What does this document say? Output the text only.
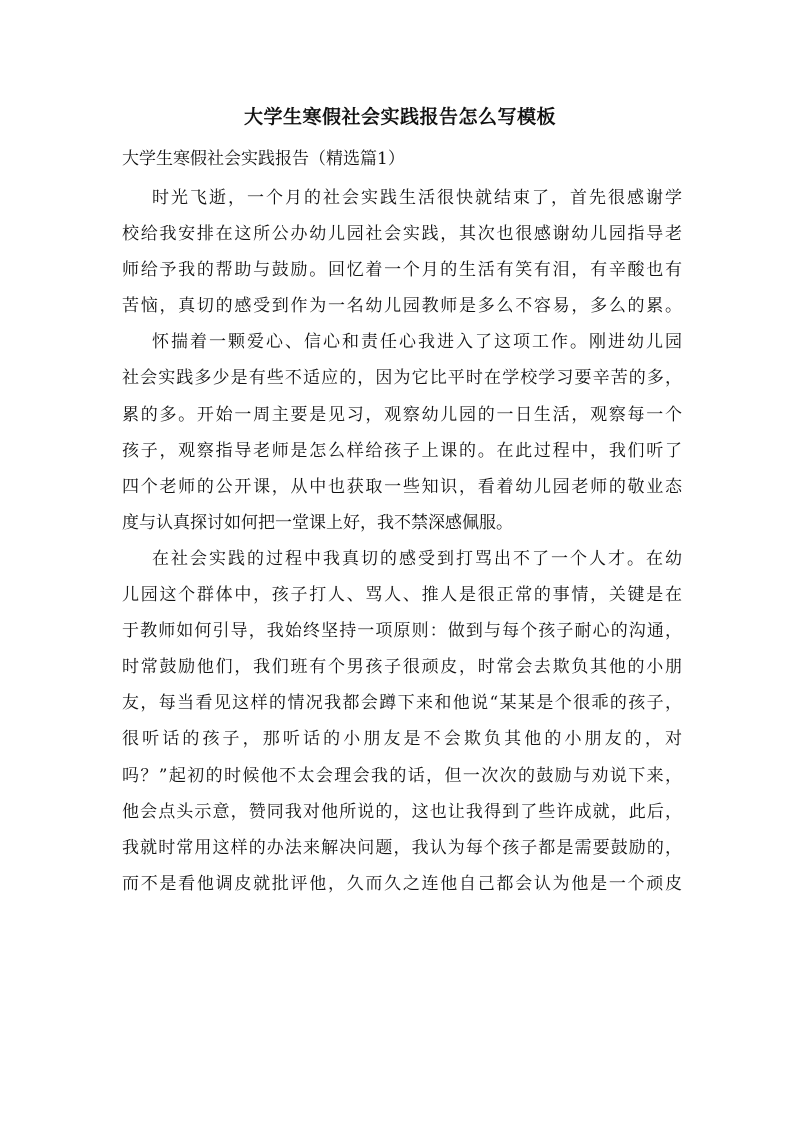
大学生寒假社会实践报告怎么写模板
大学生寒假社会实践报告（精选篇1）

时光飞逝，一个月的社会实践生活很快就结束了，首先很感谢学
校给我安排在这所公办幼儿园社会实践，其次也很感谢幼儿园指导老
师给予我的帮助与鼓励。回忆着一个月的生活有笑有泪，有辛酸也有
苦恼，真切的感受到作为一名幼儿园教师是多么不容易，多么的累。

怀揣着一颗爱心、信心和责任心我进入了这项工作。刚进幼儿园
社会实践多少是有些不适应的，因为它比平时在学校学习要辛苦的多，
累的多。开始一周主要是见习，观察幼儿园的一日生活，观察每一个
孩子，观察指导老师是怎么样给孩子上课的。在此过程中，我们听了
四个老师的公开课，从中也获取一些知识，看着幼儿园老师的敬业态
度与认真探讨如何把一堂课上好，我不禁深感佩服。

在社会实践的过程中我真切的感受到打骂出不了一个人才。在幼
儿园这个群体中，孩子打人、骂人、推人是很正常的事情，关键是在
于教师如何引导，我始终坚持一项原则：做到与每个孩子耐心的沟通，
时常鼓励他们，我们班有个男孩子很顽皮，时常会去欺负其他的小朋
友，每当看见这样的情况我都会蹲下来和他说“某某是个很乖的孩子，
很听话的孩子，那听话的小朋友是不会欺负其他的小朋友的，对
吗？”起初的时候他不太会理会我的话，但一次次的鼓励与劝说下来，
他会点头示意，赞同我对他所说的，这也让我得到了些许成就，此后，
我就时常用这样的办法来解决问题，我认为每个孩子都是需要鼓励的，
而不是看他调皮就批评他，久而久之连他自己都会认为他是一个顽皮
